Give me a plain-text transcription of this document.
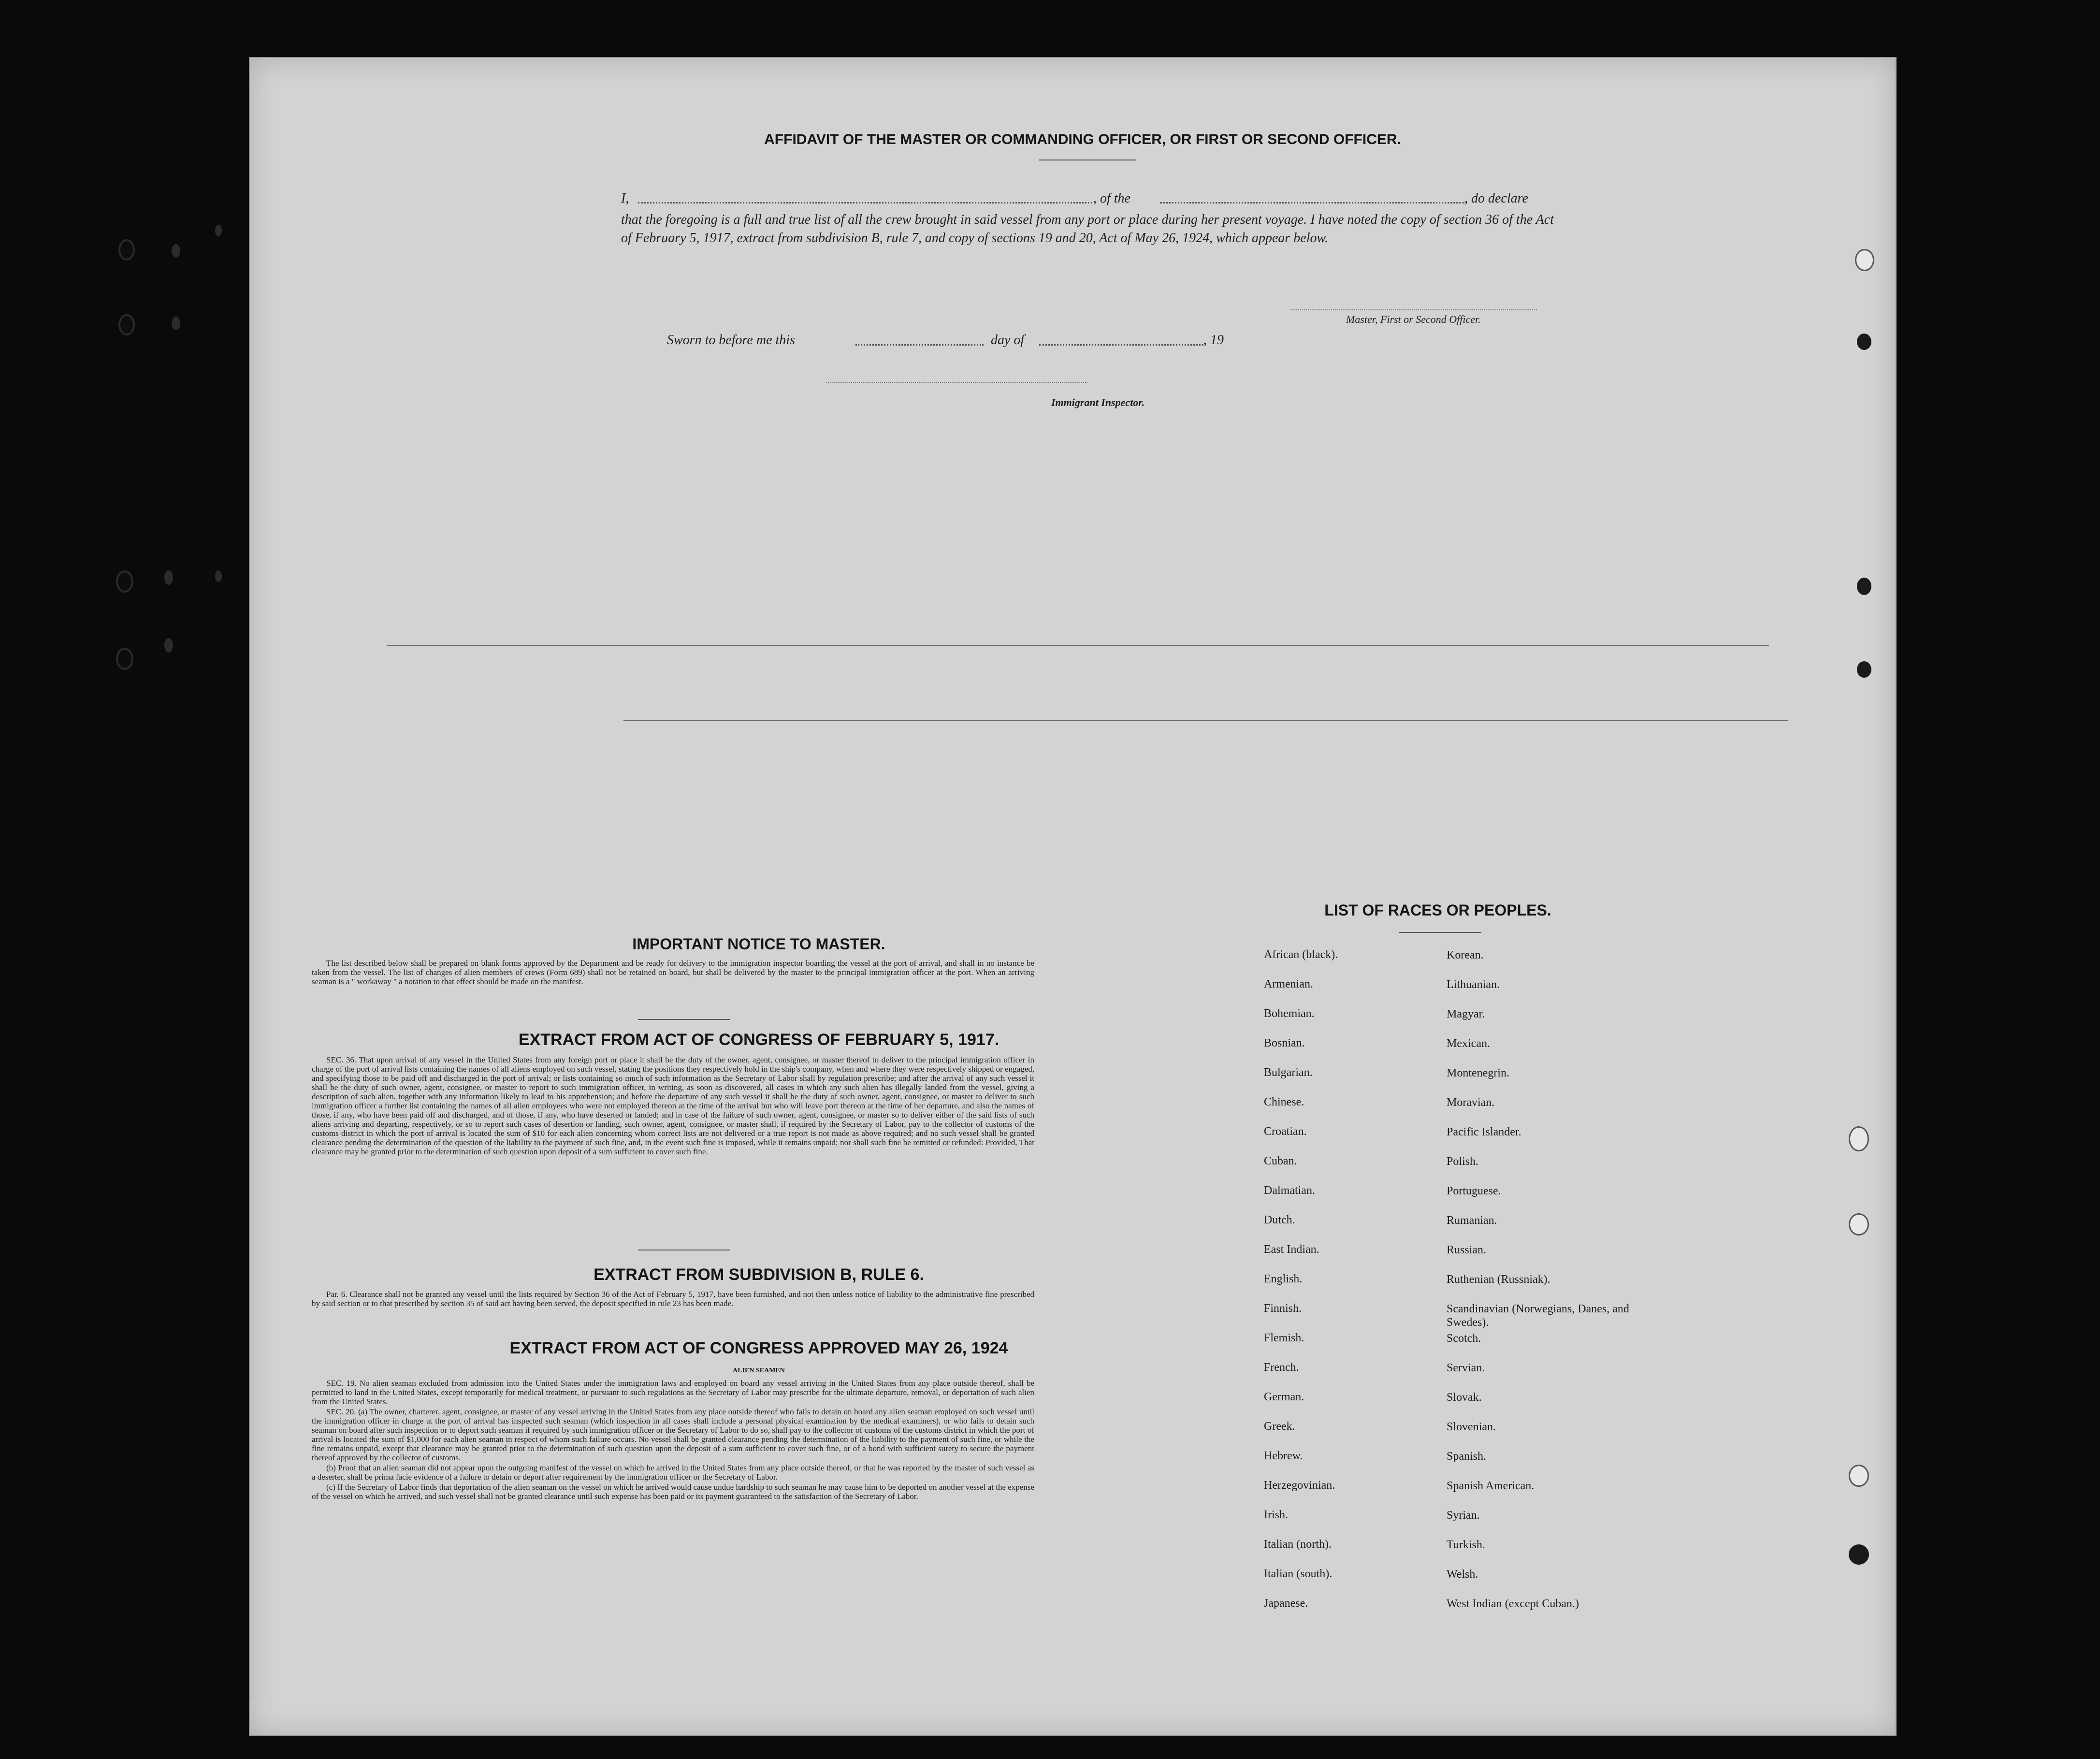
AFFIDAVIT OF THE MASTER OR COMMANDING OFFICER, OR FIRST OR SECOND OFFICER.
I,	, of the	, do declare
that the foregoing is a full and true list of all the crew brought in said vessel from any port or place during her present voyage. I have noted the copy of section 36 of the Act of February 5, 1917, extract from subdivision B, rule 7, and copy of sections 19 and 20, Act of May 26, 1924, which appear below.
Master, First or Second Officer.
Sworn to before me this	day of	, 19
Immigrant Inspector.
IMPORTANT NOTICE TO MASTER.

The list described below shall be prepared on blank forms approved by the Department and be ready for delivery to the immigration inspector boarding the vessel at the port of arrival, and shall in no instance be taken from the vessel. The list of changes of alien members of crews (Form 689) shall not be retained on board, but shall be delivered by the master to the principal immigration officer at the port. When an arriving seaman is a " workaway " a notation to that effect should be made on the manifest.

EXTRACT FROM ACT OF CONGRESS OF FEBRUARY 5, 1917.

SEC. 36. That upon arrival of any vessel in the United States from any foreign port or place it shall be the duty of the owner, agent, consignee, or master thereof to deliver to the principal immigration officer in charge of the port of arrival lists containing the names of all aliens employed on such vessel, stating the positions they respectively hold in the ship's company, when and where they were respectively shipped or engaged, and specifying those to be paid off and discharged in the port of arrival; or lists containing so much of such information as the Secretary of Labor shall by regulation prescribe; and after the arrival of any such vessel it shall be the duty of such owner, agent, consignee, or master to report to such immigration officer, in writing, as soon as discovered, all cases in which any such alien has illegally landed from the vessel, giving a description of such alien, together with any information likely to lead to his apprehension; and before the departure of any such vessel it shall be the duty of such owner, agent, consignee, or master to deliver to such immigration officer a further list containing the names of all alien employees who were not employed thereon at the time of the arrival but who will leave port thereon at the time of her departure, and also the names of those, if any, who have been paid off and discharged, and of those, if any, who have deserted or landed; and in case of the failure of such owner, agent, consignee, or master so to deliver either of the said lists of such aliens arriving and departing, respectively, or so to report such cases of desertion or landing, such owner, agent, consignee, or master shall, if required by the Secretary of Labor, pay to the collector of customs of the customs district in which the port of arrival is located the sum of $10 for each alien concerning whom correct lists are not delivered or a true report is not made as above required; and no such vessel shall be granted clearance pending the determination of the question of the liability to the payment of such fine, and, in the event such fine is imposed, while it remains unpaid; nor shall such fine be remitted or refunded: Provided, That clearance may be granted prior to the determination of such question upon deposit of a sum sufficient to cover such fine.

EXTRACT FROM SUBDIVISION B, RULE 6.

Par. 6. Clearance shall not be granted any vessel until the lists required by Section 36 of the Act of February 5, 1917, have been furnished, and not then unless notice of liability to the administrative fine prescribed by said section or to that prescribed by section 35 of said act having been served, the deposit specified in rule 23 has been made.

EXTRACT FROM ACT OF CONGRESS APPROVED MAY 26, 1924
ALIEN SEAMEN

SEC. 19. No alien seaman excluded from admission into the United States under the immigration laws and employed on board any vessel arriving in the United States from any place outside thereof, shall be permitted to land in the United States, except temporarily for medical treatment, or pursuant to such regulations as the Secretary of Labor may prescribe for the ultimate departure, removal, or deportation of such alien from the United States.

SEC. 20. (a) The owner, charterer, agent, consignee, or master of any vessel arriving in the United States from any place outside thereof who fails to detain on board any alien seaman employed on such vessel until the immigration officer in charge at the port of arrival has inspected such seaman (which inspection in all cases shall include a personal physical examination by the medical examiners), or who fails to detain such seaman on board after such inspection or to deport such seaman if required by such immigration officer or the Secretary of Labor to do so, shall pay to the collector of customs of the customs district in which the port of arrival is located the sum of $1,000 for each alien seaman in respect of whom such failure occurs. No vessel shall be granted clearance pending the determination of the liability to the payment of such fine, or while the fine remains unpaid, except that clearance may be granted prior to the determination of such question upon the deposit of a sum sufficient to cover such fine, or of a bond with sufficient surety to secure the payment thereof approved by the collector of customs.

(b) Proof that an alien seaman did not appear upon the outgoing manifest of the vessel on which he arrived in the United States from any place outside thereof, or that he was reported by the master of such vessel as a deserter, shall be prima facie evidence of a failure to detain or deport after requirement by the immigration officer or the Secretary of Labor.

(c) If the Secretary of Labor finds that deportation of the alien seaman on the vessel on which he arrived would cause undue hardship to such seaman he may cause him to be deported on another vessel at the expense of the vessel on which he arrived, and such vessel shall not be granted clearance until such expense has been paid or its payment guaranteed to the satisfaction of the Secretary of Labor.

LIST OF RACES OR PEOPLES.
African (black).	Korean.
Armenian.	Lithuanian.
Bohemian.	Magyar.
Bosnian.	Mexican.
Bulgarian.	Montenegrin.
Chinese.	Moravian.
Croatian.	Pacific Islander.
Cuban.	Polish.
Dalmatian.	Portuguese.
Dutch.	Rumanian.
East Indian.	Russian.
English.	Ruthenian (Russniak).
Finnish.	Scandinavian (Norwegians, Danes, and Swedes).
Flemish.	Scotch.
French.	Servian.
German.	Slovak.
Greek.	Slovenian.
Hebrew.	Spanish.
Herzegovinian.	Spanish American.
Irish.	Syrian.
Italian (north).	Turkish.
Italian (south).	Welsh.
Japanese.	West Indian (except Cuban.)
~ℓ
